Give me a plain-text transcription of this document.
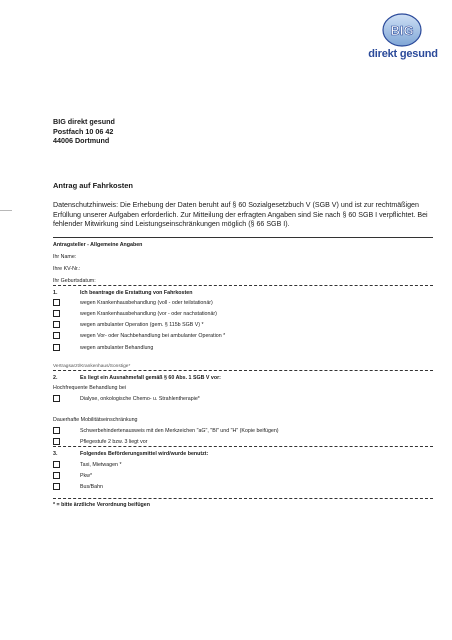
BIG
direkt gesund
BIG direkt gesund
Postfach 10 06 42
44006 Dortmund
Antrag auf Fahrkosten
Datenschutzhinweis: Die Erhebung der Daten beruht auf § 60 Sozialgesetzbuch V (SGB V) und ist zur rechtmäßigen Erfüllung unserer Aufgaben erforderlich. Zur Mitteilung der erfragten Angaben sind Sie nach § 60 SGB I verpflichtet. Bei fehlender Mitwirkung sind Leistungseinschränkungen möglich (§ 66 SGB I).
Antragsteller - Allgemeine Angaben
Ihr Name:
Ihre KV-Nr.:
Ihr Geburtsdatum:
1.	Ich beantrage die Erstattung von Fahrkosten
wegen Krankenhausbehandlung (voll - oder teilstationär)
wegen Krankenhausbehandlung (vor - oder nachstationär)
wegen ambulanter Operation (gem. § 115b SGB V) *
wegen Vor- oder Nachbehandlung bei ambulanter Operation *
wegen ambulanter Behandlung
Vertragsarzt/Krankenhaus/Sonstige*
2.	Es liegt ein Ausnahmefall gemäß § 60 Abs. 1 SGB V vor:
Hochfrequente Behandlung bei
Dialyse, onkologische Chemo- u. Strahlentherapie*
Dauerhafte Mobilitätseinschränkung
Schwerbehindertenausweis mit den Merkzeichen "aG", "Bl" und "H" (Kopie beifügen)
Pflegestufe 2 bzw. 3 liegt vor
3.	Folgendes Beförderungsmittel wird/wurde benutzt:
Taxi, Mietwagen *
Pkw*
Bus/Bahn
* = bitte ärztliche Verordnung beifügen
